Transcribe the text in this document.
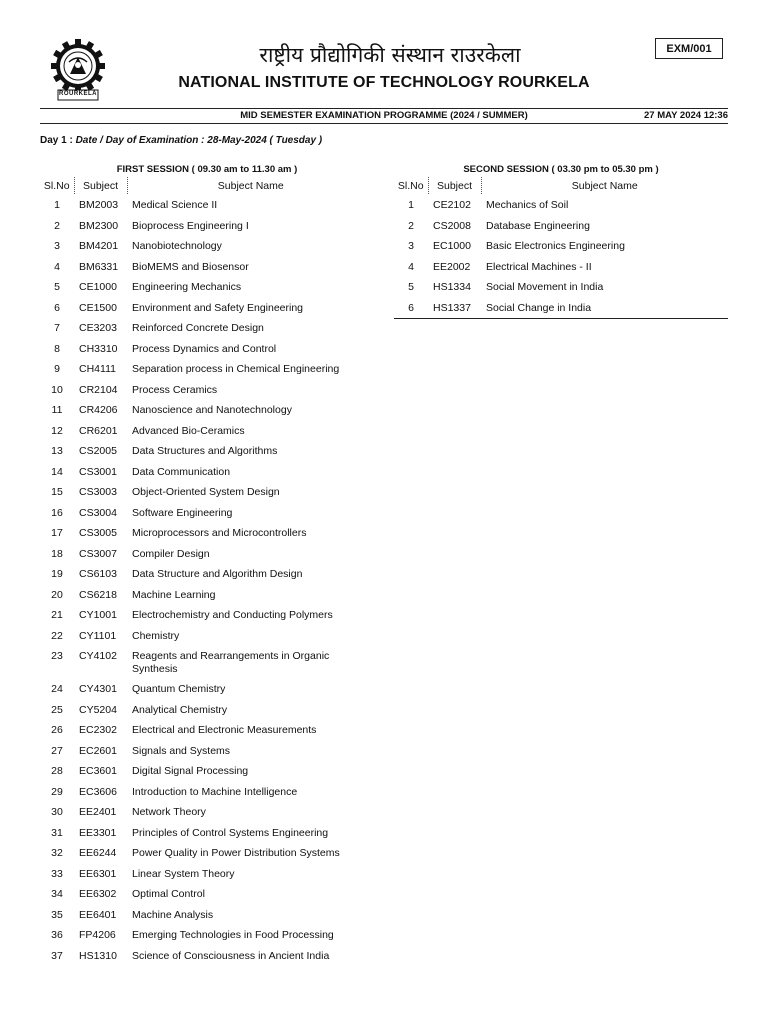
ROURKELA
राष्ट्रीय प्रौद्योगिकी संस्थान राउरकेला
NATIONAL INSTITUTE OF TECHNOLOGY ROURKELA
EXM/001
MID SEMESTER EXAMINATION PROGRAMME (2024 / SUMMER)	27 MAY 2024 12:36
Day 1 : Date / Day of Examination : 28-May-2024 ( Tuesday )
FIRST SESSION ( 09.30 am to 11.30 am )		
Sl.No	Subject	Subject Name
1	BM2003	Medical Science II
2	BM2300	Bioprocess Engineering I
3	BM4201	Nanobiotechnology
4	BM6331	BioMEMS and Biosensor
5	CE1000	Engineering Mechanics
6	CE1500	Environment and Safety Engineering
7	CE3203	Reinforced Concrete Design
8	CH3310	Process Dynamics and Control
9	CH4111	Separation process in Chemical Engineering
10	CR2104	Process Ceramics
11	CR4206	Nanoscience and Nanotechnology
12	CR6201	Advanced Bio-Ceramics
13	CS2005	Data Structures and Algorithms
14	CS3001	Data Communication
15	CS3003	Object-Oriented System Design
16	CS3004	Software Engineering
17	CS3005	Microprocessors and Microcontrollers
18	CS3007	Compiler Design
19	CS6103	Data Structure and Algorithm Design
20	CS6218	Machine Learning
21	CY1001	Electrochemistry and Conducting Polymers
22	CY1101	Chemistry
23	CY4102	Reagents and Rearrangements in Organic Synthesis
24	CY4301	Quantum Chemistry
25	CY5204	Analytical Chemistry
26	EC2302	Electrical and Electronic Measurements
27	EC2601	Signals and Systems
28	EC3601	Digital Signal Processing
29	EC3606	Introduction to Machine Intelligence
30	EE2401	Network Theory
31	EE3301	Principles of Control Systems Engineering
32	EE6244	Power Quality in Power Distribution Systems
33	EE6301	Linear System Theory
34	EE6302	Optimal Control
35	EE6401	Machine Analysis
36	FP4206	Emerging Technologies in Food Processing
37	HS1310	Science of Consciousness in Ancient India

SECOND SESSION ( 03.30 pm to 05.30 pm )		
Sl.No	Subject	Subject Name
1	CE2102	Mechanics of Soil
2	CS2008	Database Engineering
3	EC1000	Basic Electronics Engineering
4	EE2002	Electrical Machines - II
5	HS1334	Social Movement in India
6	HS1337	Social Change in India
